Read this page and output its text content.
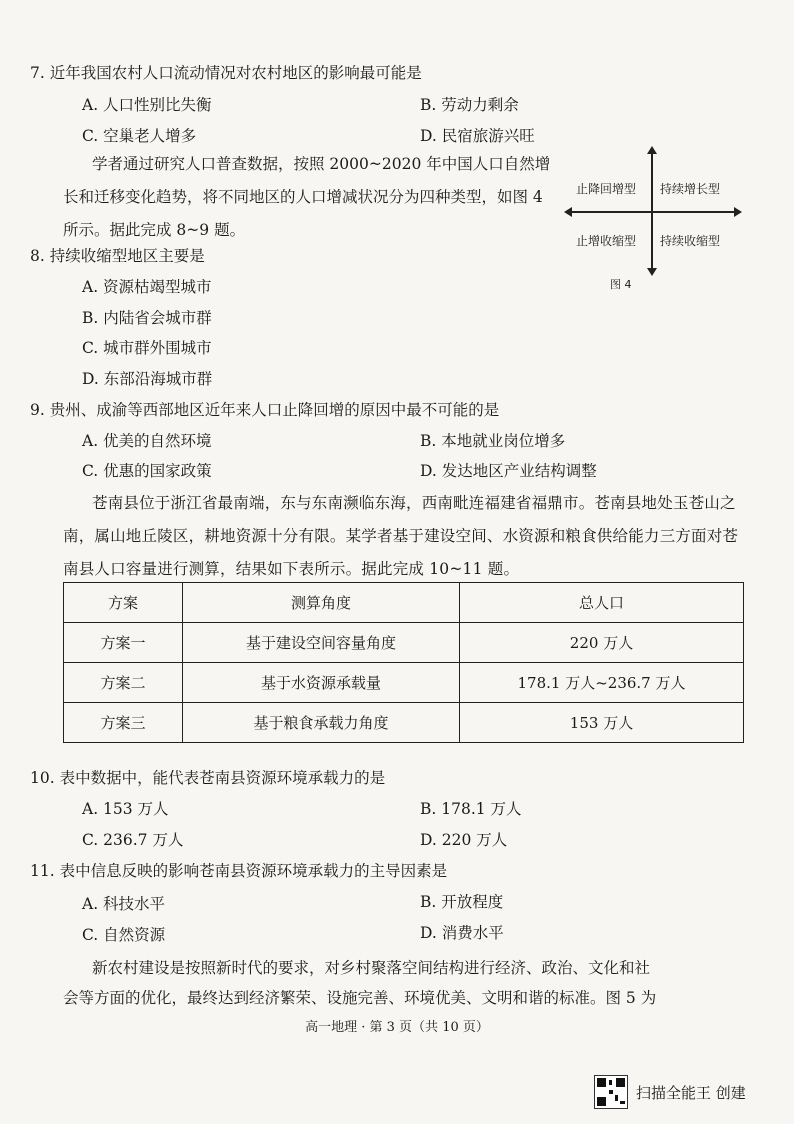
7. 近年我国农村人口流动情况对农村地区的影响最可能是
A. 人口性别比失衡	B. 劳动力剩余
C. 空巢老人增多	D. 民宿旅游兴旺
学者通过研究人口普查数据，按照 2000~2020 年中国人口自然增长和迁移变化趋势，将不同地区的人口增减状况分为四种类型，如图 4 所示。据此完成 8~9 题。
止降回增型 持续增长型
止增收缩型 持续收缩型
图 4
8. 持续收缩型地区主要是
A. 资源枯竭型城市
B. 内陆省会城市群
C. 城市群外围城市
D. 东部沿海城市群
9. 贵州、成渝等西部地区近年来人口止降回增的原因中最不可能的是
A. 优美的自然环境	B. 本地就业岗位增多
C. 优惠的国家政策	D. 发达地区产业结构调整
苍南县位于浙江省最南端，东与东南濒临东海，西南毗连福建省福鼎市。苍南县地处玉苍山之南，属山地丘陵区，耕地资源十分有限。某学者基于建设空间、水资源和粮食供给能力三方面对苍南县人口容量进行测算，结果如下表所示。据此完成 10~11 题。
方案	测算角度	总人口
方案一	基于建设空间容量角度	220 万人
方案二	基于水资源承载量	178.1 万人~236.7 万人
方案三	基于粮食承载力角度	153 万人
10. 表中数据中，能代表苍南县资源环境承载力的是
A. 153 万人	B. 178.1 万人
C. 236.7 万人	D. 220 万人
11. 表中信息反映的影响苍南县资源环境承载力的主导因素是
A. 科技水平	B. 开放程度
C. 自然资源	D. 消费水平
新农村建设是按照新时代的要求，对乡村聚落空间结构进行经济、政治、文化和社
会等方面的优化，最终达到经济繁荣、设施完善、环境优美、文明和谐的标准。图 5 为
高一地理 · 第 3 页（共 10 页）
扫描全能王 创建
